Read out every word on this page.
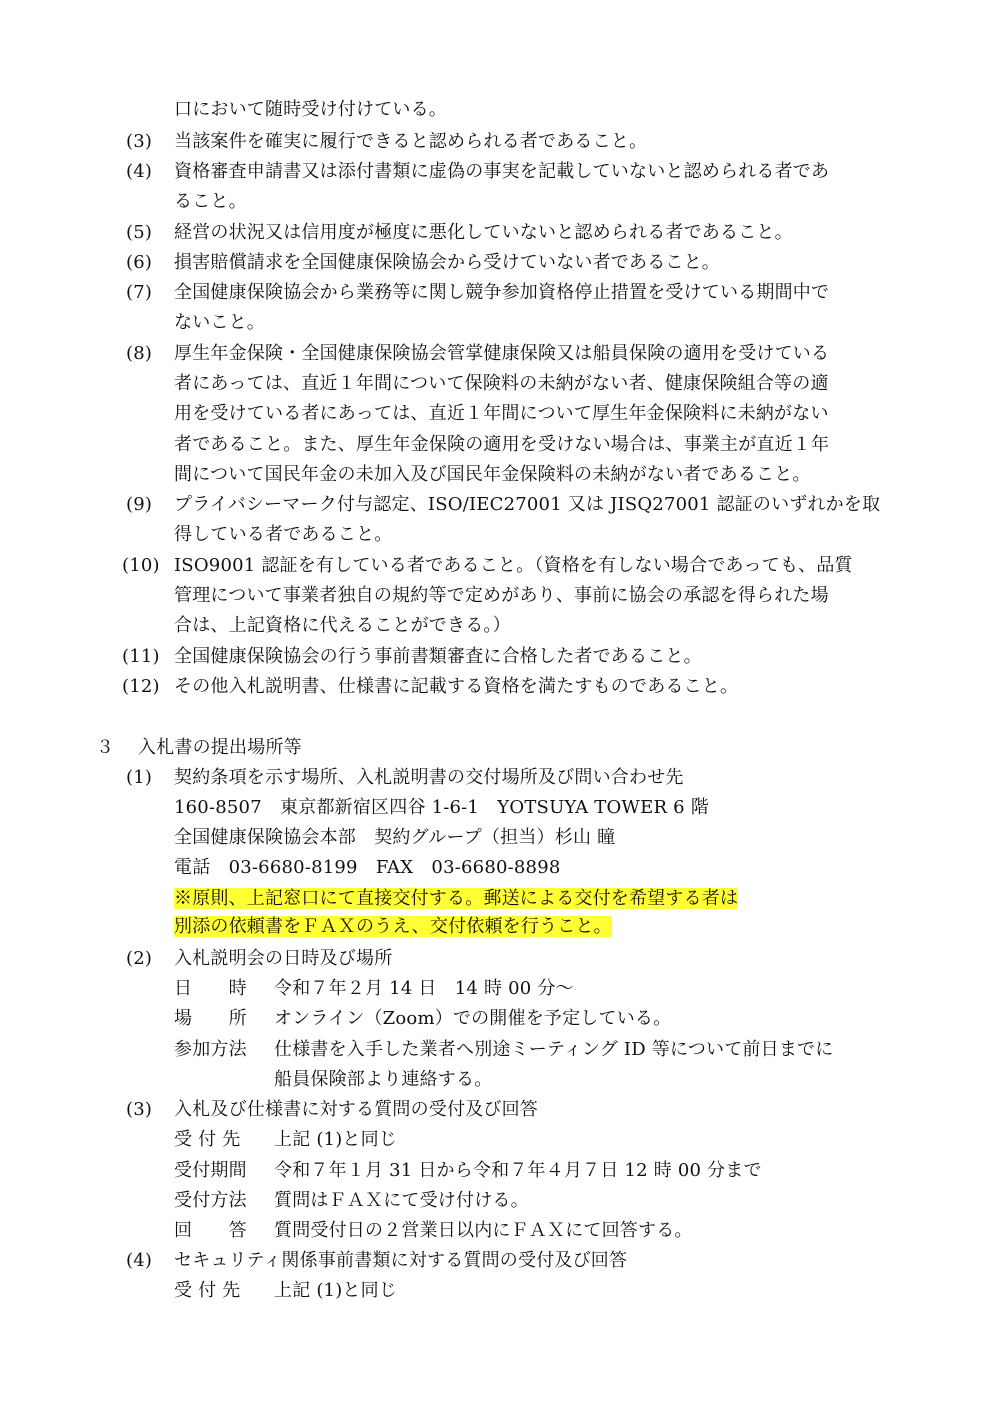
口において随時受け付けている。
(3) 当該案件を確実に履行できると認められる者であること。
(4) 資格審査申請書又は添付書類に虚偽の事実を記載していないと認められる者であ
ること。
(5) 経営の状況又は信用度が極度に悪化していないと認められる者であること。
(6) 損害賠償請求を全国健康保険協会から受けていない者であること。
(7) 全国健康保険協会から業務等に関し競争参加資格停止措置を受けている期間中で
ないこと。
(8) 厚生年金保険・全国健康保険協会管掌健康保険又は船員保険の適用を受けている
者にあっては、直近１年間について保険料の未納がない者、健康保険組合等の適
用を受けている者にあっては、直近１年間について厚生年金保険料に未納がない
者であること。また、厚生年金保険の適用を受けない場合は、事業主が直近１年
間について国民年金の未加入及び国民年金保険料の未納がない者であること。
(9) プライバシーマーク付与認定、ISO/IEC27001 又は JISQ27001 認証のいずれかを取
得している者であること。
(10) ISO9001 認証を有している者であること。（資格を有しない場合であっても、品質
管理について事業者独自の規約等で定めがあり、事前に協会の承認を得られた場
合は、上記資格に代えることができる。）
(11) 全国健康保険協会の行う事前書類審査に合格した者であること。
(12) その他入札説明書、仕様書に記載する資格を満たすものであること。
３ 入札書の提出場所等
(1) 契約条項を示す場所、入札説明書の交付場所及び問い合わせ先
160-8507　東京都新宿区四谷 1-6-1　YOTSUYA TOWER 6 階
全国健康保険協会本部　契約グループ（担当）杉山 瞳
電話　03-6680-8199　FAX　03-6680-8898
※原則、上記窓口にて直接交付する。郵送による交付を希望する者は
別添の依頼書をＦＡＸのうえ、交付依頼を行うこと。
(2) 入札説明会の日時及び場所
日　　時 令和７年２月 14 日　14 時 00 分～
場　　所 オンライン（Zoom）での開催を予定している。
参加方法 仕様書を入手した業者へ別途ミーティング ID 等について前日までに
船員保険部より連絡する。
(3) 入札及び仕様書に対する質問の受付及び回答
受 付 先 上記 (1)と同じ
受付期間 令和７年１月 31 日から令和７年４月７日 12 時 00 分まで
受付方法 質問はＦＡＸにて受け付ける。
回　　答 質問受付日の２営業日以内にＦＡＸにて回答する。
(4) セキュリティ関係事前書類に対する質問の受付及び回答
受 付 先 上記 (1)と同じ
